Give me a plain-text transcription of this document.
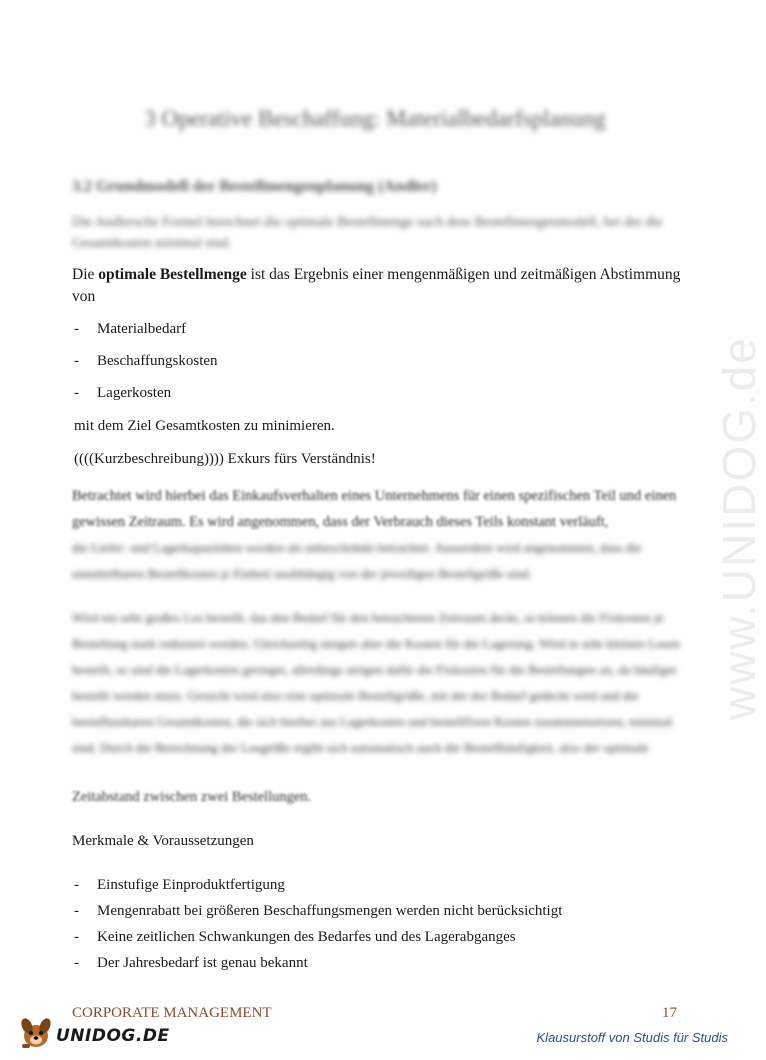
www.UNIDOG.de
3 Operative Beschaffung: Materialbedarfsplanung
3.2 Grundmodell der Bestellmengenplanung (Andler)
Die Andlersche Formel berechnet die optimale Bestellmenge nach dem Bestellmengenmodell, bei der die Gesamtkosten minimal sind.
Die optimale Bestellmenge ist das Ergebnis einer mengenmäßigen und zeitmäßigen Abstimmung von
- Materialbedarf
- Beschaffungskosten
- Lagerkosten
mit dem Ziel Gesamtkosten zu minimieren.
((((Kurzbeschreibung)))) Exkurs fürs Verständnis!
Betrachtet wird hierbei das Einkaufsverhalten eines Unternehmens für einen spezifischen Teil und einen gewissen Zeitraum. Es wird angenommen, dass der Verbrauch dieses Teils konstant verläuft,
die Liefer- und Lagerkapazitäten werden als unbeschränkt betrachtet. Ausserdem wird angenommen, dass die unmittelbaren Bestellkosten je Einheit unabhängig von der jeweiligen Bestellgröße sind.
Wird ein sehr großes Los bestellt, das den Bedarf für den betrachteten Zeitraum deckt, so können die Fixkosten je Bestellung stark reduziert werden. Gleichzeitig steigen aber die Kosten für die Lagerung. Wird in sehr kleinen Losen bestellt, so sind die Lagerkosten geringer, allerdings steigen dafür die Fixkosten für die Bestellungen an, da häufiger bestellt werden muss. Gesucht wird also eine optimale Bestellgröße, mit der der Bedarf gedeckt wird und die beeinflussbaren Gesamtkosten, die sich hierbei aus Lagerkosten und bestellfixen Kosten zusammensetzen, minimal sind. Durch die Berechnung der Losgröße ergibt sich automatisch auch die Bestellhäufigkeit, also der optimale
Zeitabstand zwischen zwei Bestellungen.
Merkmale & Voraussetzungen
- Einstufige Einproduktfertigung
- Mengenrabatt bei größeren Beschaffungsmengen werden nicht berücksichtigt
- Keine zeitlichen Schwankungen des Bedarfes und des Lagerabganges
- Der Jahresbedarf ist genau bekannt
CORPORATE MANAGEMENT	17
UNIDOG.DE	Klausurstoff von Studis für Studis
